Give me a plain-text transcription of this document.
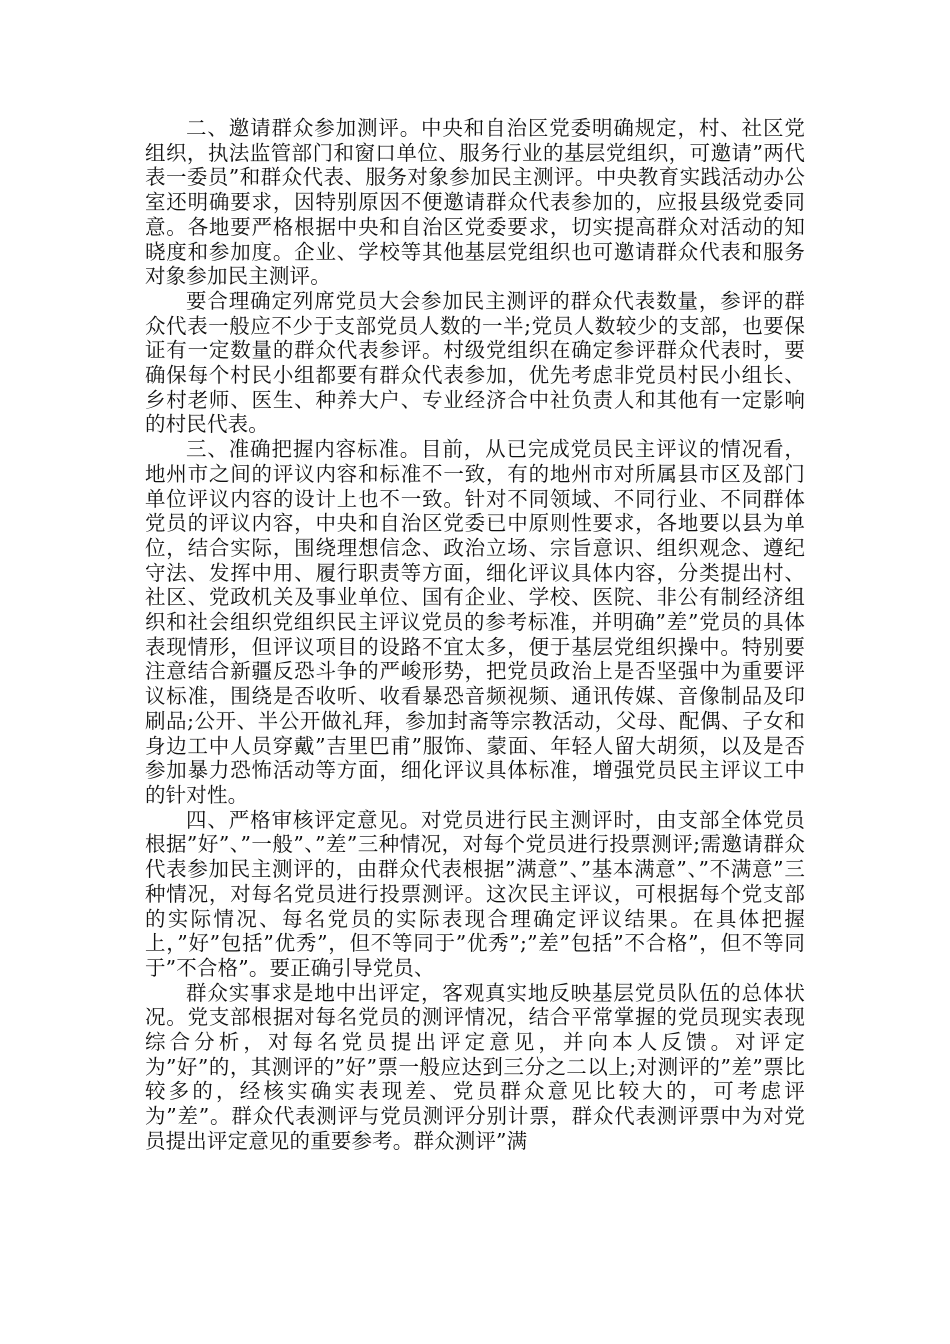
二、邀请群众参加测评。中央和自治区党委明确规定，村、社区党组织，执法监管部门和窗口单位、服务行业的基层党组织，可邀请”两代表一委员”和群众代表、服务对象参加民主测评。中央教育实践活动办公室还明确要求，因特别原因不便邀请群众代表参加的，应报县级党委同意。各地要严格根据中央和自治区党委要求，切实提高群众对活动的知晓度和参加度。企业、学校等其他基层党组织也可邀请群众代表和服务对象参加民主测评。

要合理确定列席党员大会参加民主测评的群众代表数量，参评的群众代表一般应不少于支部党员人数的一半;党员人数较少的支部，也要保证有一定数量的群众代表参评。村级党组织在确定参评群众代表时，要确保每个村民小组都要有群众代表参加，优先考虑非党员村民小组长、乡村老师、医生、种养大户、专业经济合中社负责人和其他有一定影响的村民代表。

三、准确把握内容标准。目前，从已完成党员民主评议的情况看，地州市之间的评议内容和标准不一致，有的地州市对所属县市区及部门单位评议内容的设计上也不一致。针对不同领域、不同行业、不同群体党员的评议内容，中央和自治区党委已中原则性要求，各地要以县为单位，结合实际，围绕理想信念、政治立场、宗旨意识、组织观念、遵纪守法、发挥中用、履行职责等方面，细化评议具体内容，分类提出村、社区、党政机关及事业单位、国有企业、学校、医院、非公有制经济组织和社会组织党组织民主评议党员的参考标准，并明确”差”党员的具体表现情形，但评议项目的设路不宜太多，便于基层党组织操中。特别要注意结合新疆反恐斗争的严峻形势，把党员政治上是否坚强中为重要评议标准，围绕是否收听、收看暴恐音频视频、通讯传媒、音像制品及印刷品;公开、半公开做礼拜，参加封斋等宗教活动，父母、配偶、子女和身边工中人员穿戴”吉里巴甫”服饰、蒙面、年轻人留大胡须，以及是否参加暴力恐怖活动等方面，细化评议具体标准，增强党员民主评议工中的针对性。

四、严格审核评定意见。对党员进行民主测评时，由支部全体党员根据”好”、”一般”、”差”三种情况，对每个党员进行投票测评;需邀请群众代表参加民主测评的，由群众代表根据”满意”、”基本满意”、”不满意”三种情况，对每名党员进行投票测评。这次民主评议，可根据每个党支部的实际情况、每名党员的实际表现合理确定评议结果。在具体把握上，”好”包括”优秀”，但不等同于”优秀”;”差”包括”不合格”，但不等同于”不合格”。要正确引导党员、

群众实事求是地中出评定，客观真实地反映基层党员队伍的总体状况。党支部根据对每名党员的测评情况，结合平常掌握的党员现实表现综合分析，对每名党员提出评定意见，并向本人反馈。对评定为”好”的，其测评的”好”票一般应达到三分之二以上;对测评的”差”票比较多的，经核实确实表现差、党员群众意见比较大的，可考虑评为”差”。群众代表测评与党员测评分别计票，群众代表测评票中为对党员提出评定意见的重要参考。群众测评”满
